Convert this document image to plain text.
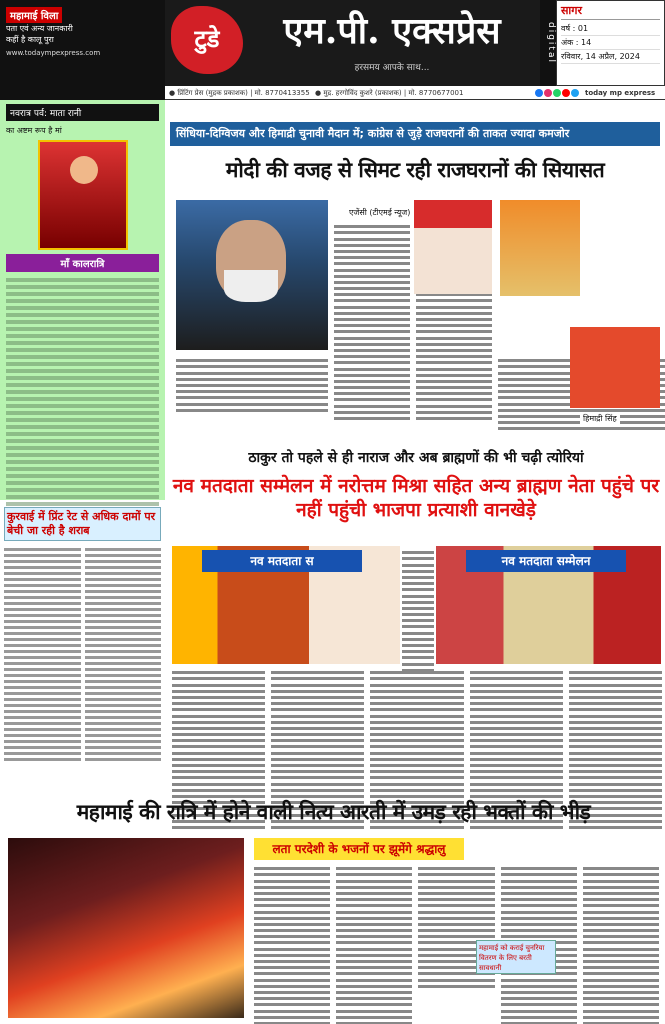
महामाई विला
पता एवं अन्य जानकारी
कहीं है कालू पुरा
www.todaympexpress.com	टुडे	एम.पी. एक्सप्रेस
हरसमय आपके साथ...
digital
सागर
वर्ष : 01
अंक : 14
रविवार, 14 अप्रैल, 2024
● प्रिंटिंग प्रेस (मुद्रक प्रकाशक) | मो. 8770413355 ● मुद्र. हरगोविंद कुशरे (प्रकाशक) | मो. 8770677001	today mp express
नवरात्र पर्व: माता रानी
का अष्टम रूप है मां
माँ कालरात्रि
कुरवाई में प्रिंट रेट से अधिक दामों पर बेची जा रही है शराब
सिंधिया-दिग्विजय और हिमाद्री चुनावी मैदान में; कांग्रेस से जुड़े राजघरानों की ताकत ज्यादा कमजोर
मोदी की वजह से सिमट रही राजघरानों की सियासत
एजेंसी (टीएमई न्यूज)
हिमाद्री सिंह
ठाकुर तो पहले से ही नाराज और अब ब्राह्मणों की भी चढ़ी त्योरियां
नव मतदाता सम्मेलन में नरोत्तम मिश्रा सहित अन्य ब्राह्मण नेता पहुंचे पर नहीं पहुंची भाजपा प्रत्याशी वानखेड़े
नव मतदाता स	नव मतदाता सम्मेलन
महामाई की रात्रि में होने वाली नित्य आरती में उमड़ रही भक्तों की भीड़
लता परदेशी के भजनों पर झूमेंगे श्रद्धालु
महामाई को कराई चुनरिया वितरण के लिए बरती सावधानी
